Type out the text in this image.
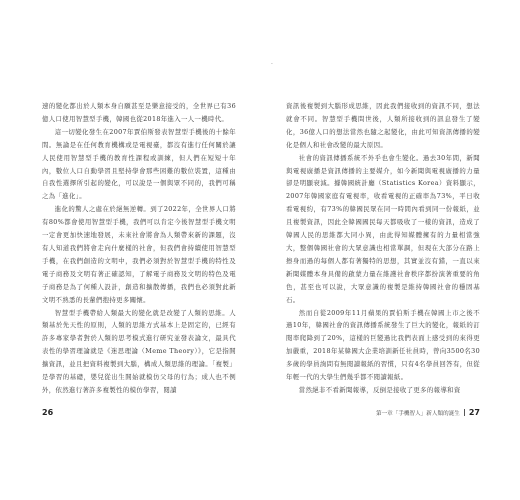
速的變化都出於人類本身自願甚至是樂意接受的，全世界已有36億人口使用智慧型手機，韓國也從2018年進入一人一機時代。

這一切變化發生在2007年賈伯斯發表智慧型手機後的十餘年間。無論是在任何教育機構或是電視臺，都沒有進行任何關於讓人民使用智慧型手機的教育性課程或訓練，但人們在短短十年內，數位人口自動學習且堅持學會那些困難的數位裝置，這種由自我性選擇所引起的變化，可以說是一個與眾不同的，我們可稱之為「進化」。

進化的驚人之處在於絕無逆轉。到了2022年，全世界人口將有80%都會使用智慧型手機，我們可以肯定今後智慧型手機文明一定會更加快速地發展，未來社會將會為人類帶來新的課題，沒有人知道我們將會走向什麼樣的社會，但我們會持續使用智慧型手機，在我們創造的文明中，我們必須對於智慧型手機的特性及電子商務及文明有著正確認知，了解電子商務及文明的特色及電子商務是為了何種人設計，創造和擴散傳播，我們也必須對此新文明不熟悉的長輩們抱持更多關懷。

智慧型手機帶給人類最大的變化就是改變了人類的思維。人類基於先天性的原則，人類的思維方式基本上是固定的，已經有許多專家學者對於人類的思考模式進行研究並發表論文，最具代表性的學習理論就是《迷思理論（Meme Theory）》，它是指開擴資訊，並且把資料複製到大腦，構成人類思維的理論。「複製」是學習的基礎，嬰兒從出生開始就模仿父母的行為；成人也不例外，依然進行著許多複製性的模仿學習，閱讀

26
·

資訊後複製到大腦形成思維，因此我們接收到的資訊不同，想法就會不同。智慧型手機問世後，人類所接收到的訊息發生了變化，36億人口的想法當然也隨之起變化，由此可知資訊傳播的變化是個人和社會改變的最大原因。

社會的資訊傳播系統不外乎也會生變化。過去30年間，新聞與電視廣播是資訊傳播的主要媒介，如今新聞與電視廣播的力量卻是明顯衰減。據韓國統計廳（Statistics Korea）資料顯示，2007年韓國家庭有電視率，收看電視的正確率為73%，平日收看電視約，有73%的韓國民眾在同一時間內看到同一份報紙，並且複製資訊，因此全韓國國民每天都吸收了一樣的資訊，造成了韓國人民的思維都大同小異，由此得知媒體擁有的力量相當強大，整個韓國社會的大眾意識也相當單調，但現在大部分在路上擦身而過的每個人都有著獨特的思想，其實並沒有錯，一直以來新聞媒體本身具備的啟蒙力量在維護社會秩序都扮演著重要的角色，甚至也可以說，大眾意識的複製是維持韓國社會的穩固基石。

然而自從2009年11月蘋果的賈伯斯手機在韓國上市之後不過10年，韓國社會的資訊傳播系統發生了巨大的變化，報紙的訂閱率爬降到了20%，這樣的巨變過比我們表面上感受到的來得更加嚴重，2018年某韓國大企業培訓新任社員時，曾向3500名30多歲的學員詢問有無閱讀報紙的習慣，只有4名學員回答有，但從年輕一代的大學生們幾乎都不閱讀報紙。

當然絕非不看新聞報導，反倒是接收了更多的報導和資

第一章「手機智人」新人類的誕生 27
